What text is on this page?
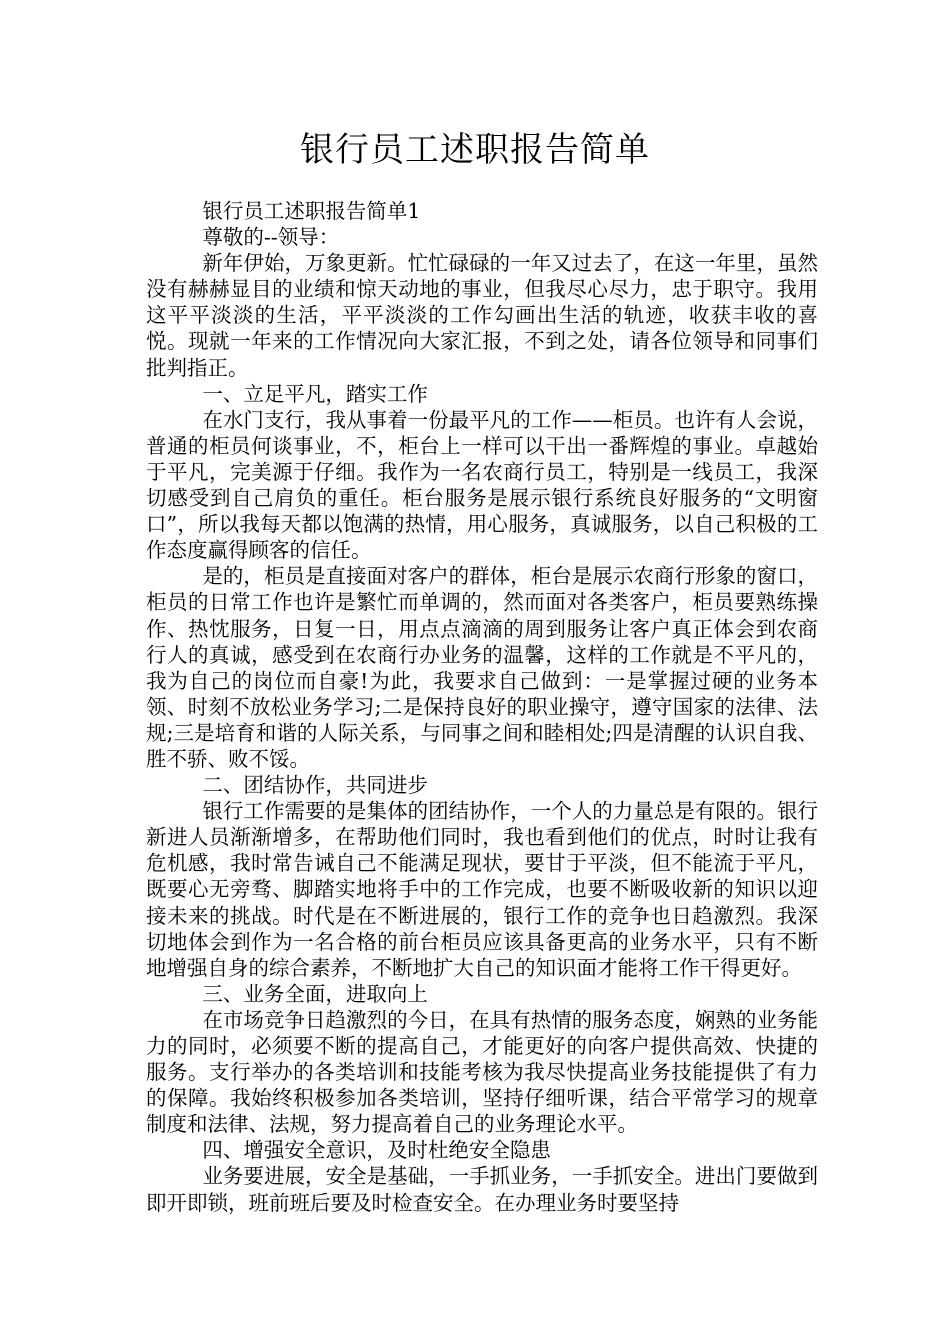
银行员工述职报告简单

银行员工述职报告简单1

尊敬的--领导：

新年伊始，万象更新。忙忙碌碌的一年又过去了，在这一年里，虽然没有赫赫显目的业绩和惊天动地的事业，但我尽心尽力，忠于职守。我用这平平淡淡的生活，平平淡淡的工作勾画出生活的轨迹，收获丰收的喜悦。现就一年来的工作情况向大家汇报，不到之处，请各位领导和同事们批判指正。

一、立足平凡，踏实工作

在水门支行，我从事着一份最平凡的工作——柜员。也许有人会说，普通的柜员何谈事业，不，柜台上一样可以干出一番辉煌的事业。卓越始于平凡，完美源于仔细。我作为一名农商行员工，特别是一线员工，我深切感受到自己肩负的重任。柜台服务是展示银行系统良好服务的“文明窗口”，所以我每天都以饱满的热情，用心服务，真诚服务，以自己积极的工作态度赢得顾客的信任。

是的，柜员是直接面对客户的群体，柜台是展示农商行形象的窗口，柜员的日常工作也许是繁忙而单调的，然而面对各类客户，柜员要熟练操作、热忱服务，日复一日，用点点滴滴的周到服务让客户真正体会到农商行人的真诚，感受到在农商行办业务的温馨，这样的工作就是不平凡的，我为自己的岗位而自豪!为此，我要求自己做到：一是掌握过硬的业务本领、时刻不放松业务学习;二是保持良好的职业操守，遵守国家的法律、法规;三是培育和谐的人际关系，与同事之间和睦相处;四是清醒的认识自我、胜不骄、败不馁。

二、团结协作，共同进步

银行工作需要的是集体的团结协作，一个人的力量总是有限的。银行新进人员渐渐增多，在帮助他们同时，我也看到他们的优点，时时让我有危机感，我时常告诫自己不能满足现状，要甘于平淡，但不能流于平凡，既要心无旁骛、脚踏实地将手中的工作完成，也要不断吸收新的知识以迎接未来的挑战。时代是在不断进展的，银行工作的竞争也日趋激烈。我深切地体会到作为一名合格的前台柜员应该具备更高的业务水平，只有不断地增强自身的综合素养，不断地扩大自己的知识面才能将工作干得更好。

三、业务全面，进取向上

在市场竞争日趋激烈的今日，在具有热情的服务态度，娴熟的业务能力的同时，必须要不断的提高自己，才能更好的向客户提供高效、快捷的服务。支行举办的各类培训和技能考核为我尽快提高业务技能提供了有力的保障。我始终积极参加各类培训，坚持仔细听课，结合平常学习的规章制度和法律、法规，努力提高着自己的业务理论水平。

四、增强安全意识，及时杜绝安全隐患

业务要进展，安全是基础，一手抓业务，一手抓安全。进出门要做到即开即锁，班前班后要及时检查安全。在办理业务时要坚持
